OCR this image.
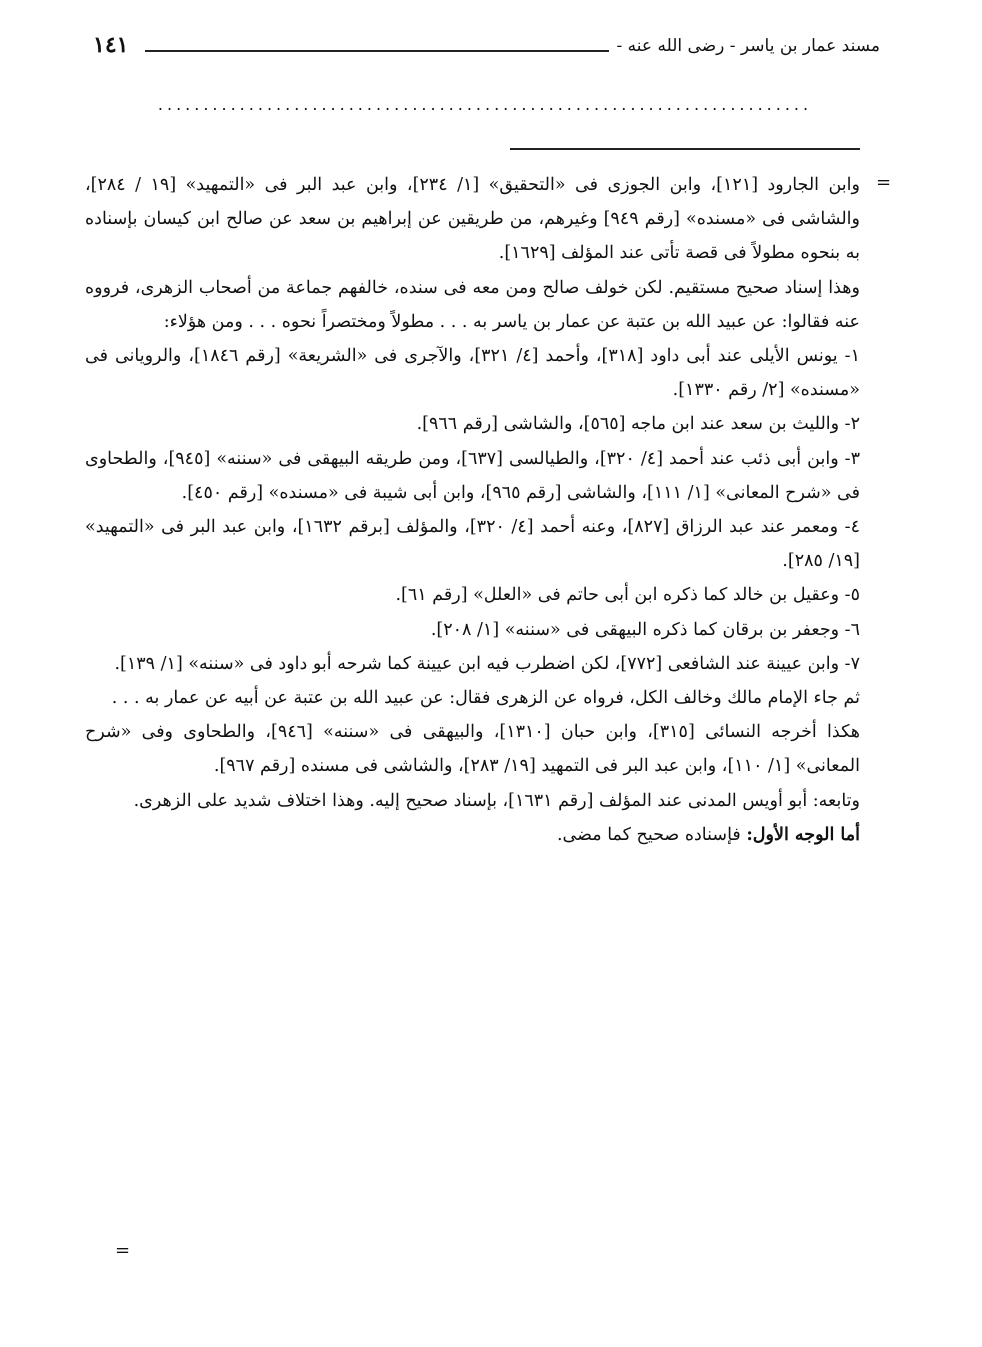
مسند عمار بن ياسر - رضى الله عنه -
١٤١
........................................................................
=

وابن الجارود [١٢١]، وابن الجوزى فى «التحقيق» [١/ ٢٣٤]، وابن عبد البر فى «التمهيد» [١٩ / ٢٨٤]، والشاشى فى «مسنده» [رقم ٩٤٩] وغيرهم، من طريقين عن إبراهيم بن سعد عن صالح ابن كيسان بإسناده به بنحوه مطولاً فى قصة تأتى عند المؤلف [١٦٢٩].

وهذا إسناد صحيح مستقيم. لكن خولف صالح ومن معه فى سنده، خالفهم جماعة من أصحاب الزهرى، فرووه عنه فقالوا: عن عبيد الله بن عتبة عن عمار بن ياسر به . . . مطولاً ومختصراً نحوه . . . ومن هؤلاء:

١- يونس الأيلى عند أبى داود [٣١٨]، وأحمد [٤/ ٣٢١]، والآجرى فى «الشريعة» [رقم ١٨٤٦]، والرويانى فى «مسنده» [٢/ رقم ١٣٣٠].

٢- والليث بن سعد عند ابن ماجه [٥٦٥]، والشاشى [رقم ٩٦٦].

٣- وابن أبى ذئب عند أحمد [٤/ ٣٢٠]، والطيالسى [٦٣٧]، ومن طريقه البيهقى فى «سننه» [٩٤٥]، والطحاوى فى «شرح المعانى» [١/ ١١١]، والشاشى [رقم ٩٦٥]، وابن أبى شيبة فى «مسنده» [رقم ٤٥٠].

٤- ومعمر عند عبد الرزاق [٨٢٧]، وعنه أحمد [٤/ ٣٢٠]، والمؤلف [برقم ١٦٣٢]، وابن عبد البر فى «التمهيد» [١٩/ ٢٨٥].

٥- وعقيل بن خالد كما ذكره ابن أبى حاتم فى «العلل» [رقم ٦١].

٦- وجعفر بن برقان كما ذكره البيهقى فى «سننه» [١/ ٢٠٨].

٧- وابن عيينة عند الشافعى [٧٧٢]، لكن اضطرب فيه ابن عيينة كما شرحه أبو داود فى «سننه» [١/ ١٣٩].

ثم جاء الإمام مالك وخالف الكل، فرواه عن الزهرى فقال: عن عبيد الله بن عتبة عن أبيه عن عمار به . . .

هكذا أخرجه النسائى [٣١٥]، وابن حبان [١٣١٠]، والبيهقى فى «سننه» [٩٤٦]، والطحاوى وفى «شرح المعانى» [١/ ١١٠]، وابن عبد البر فى التمهيد [١٩/ ٢٨٣]، والشاشى فى مسنده [رقم ٩٦٧].

وتابعه: أبو أويس المدنى عند المؤلف [رقم ١٦٣١]، بإسناد صحيح إليه. وهذا اختلاف شديد على الزهرى.

أما الوجه الأول: فإسناده صحيح كما مضى.

=
